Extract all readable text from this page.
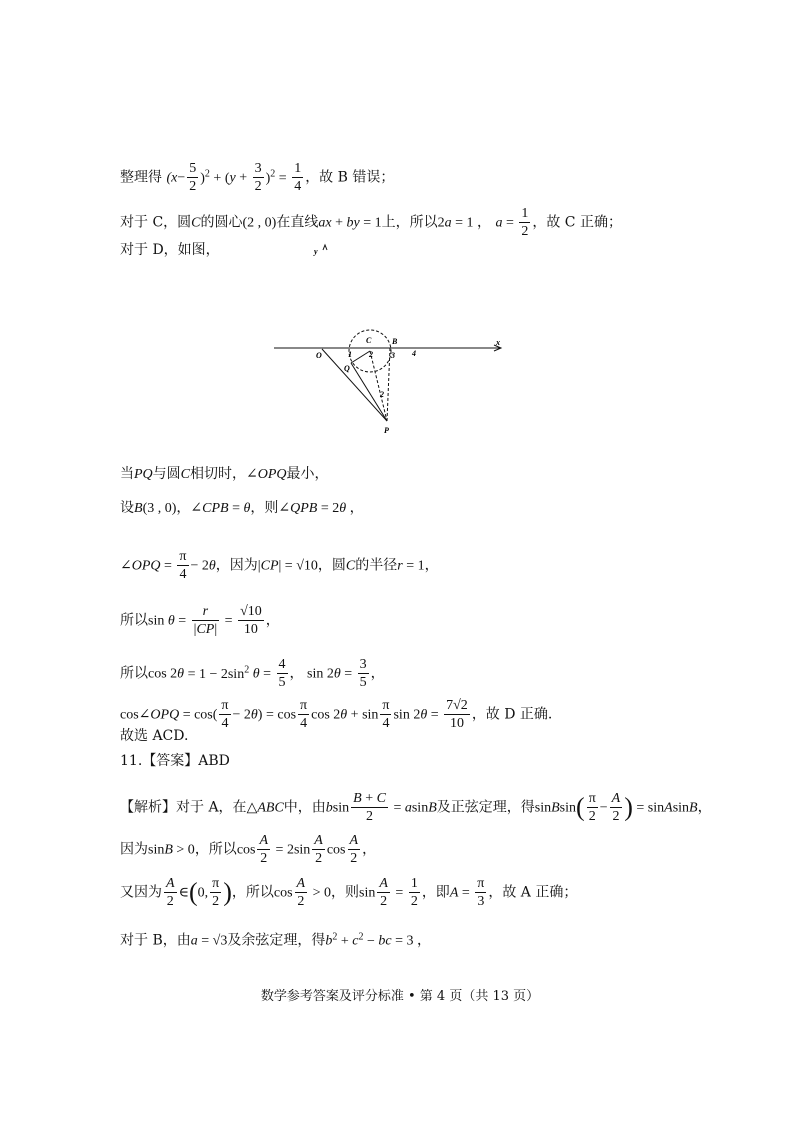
整理得 $(x- \frac{5}{2} )^2 + (y + \frac{3}{2} )^2 = \frac{1}{4}$ ，故 B 错误；
对于 C，圆C的圆心(2 , 0)在直线ax + by = 1上，所以2a = 1 ， $a = \frac{1}{2}$ ，故 C 正确；
对于 D，如图，
O
Q
C	B
P
x
1 2 3 4
2
y
当PQ与圆C相切时，∠OPQ最小，
设B(3 , 0)，∠CPB = θ，则∠QPB = 2θ ，
∠OPQ = $\frac{\pi}{4} - 2\theta$，因为|CP| = √10，圆C的半径r = 1，
所以$\sin \theta = \frac{r}{|CP|} = \frac{√10}{10}$ ，
所以$\cos 2\theta = 1 - 2\sin^2$ $\theta = \frac{4}{5}$ ， $\sin 2\theta = \frac{3}{5}$ ，
cos∠OPQ = $\cos( \frac{\pi}{4} - 2\theta) = \cos \frac{\pi}{4}$ $\cos 2\theta + \sin \frac{\pi}{4}$ $\sin 2\theta = \frac{7√2}{10}$ ，故 D 正确.
故选 ACD.
11.【答案】ABD
【解析】对于 A，在△ABC中，由bsin $\frac{B + C}{2} = asinB$及正弦定理，得sinBsin( $\frac{\pi}{2} - \frac{A}{2}$ ) = sinAsinB，
因为sinB > 0，所以$\cos \frac{A}{2} = 2\sin \frac{A}{2}$ $\cos \frac{A}{2}$ ，
又因为 $\frac{A}{2}$ ∈(0, $\frac{\pi}{2}$ )，所以$\cos \frac{A}{2} > 0$，则$\sin \frac{A}{2} = \frac{1}{2}$ ，即$A = \frac{\pi}{3}$ ，故 A 正确；
对于 B，由a = √3及余弦定理，得$b^2 + c^2$ − bc = 3 ，
数学参考答案及评分标准 • 第 4 页（共 13 页）
